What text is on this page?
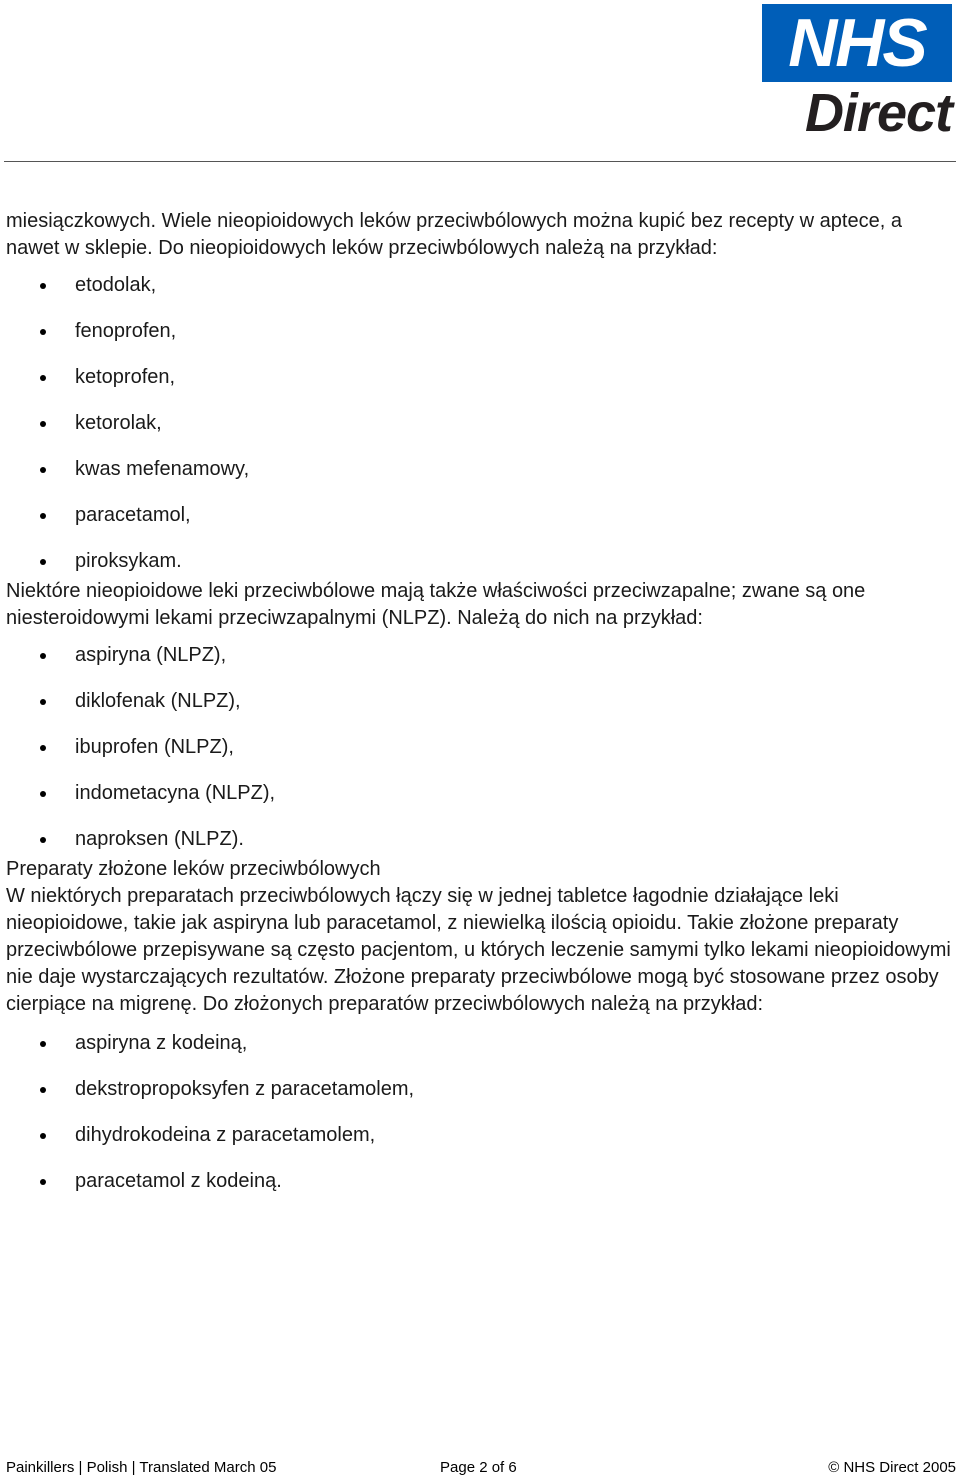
NHS
Direct

miesiączkowych. Wiele nieopioidowych leków przeciwbólowych można kupić bez recepty w aptece, a nawet w sklepie. Do nieopioidowych leków przeciwbólowych należą na przykład:

etodolak,
fenoprofen,
ketoprofen,
ketorolak,
kwas mefenamowy,
paracetamol,
piroksykam.

Niektóre nieopioidowe leki przeciwbólowe mają także właściwości przeciwzapalne; zwane są one niesteroidowymi lekami przeciwzapalnymi (NLPZ). Należą do nich na przykład:

aspiryna (NLPZ),
diklofenak (NLPZ),
ibuprofen (NLPZ),
indometacyna (NLPZ),
naproksen (NLPZ).

Preparaty złożone leków przeciwbólowych

W niektórych preparatach przeciwbólowych łączy się w jednej tabletce łagodnie działające leki nieopioidowe, takie jak aspiryna lub paracetamol, z niewielką ilością opioidu. Takie złożone preparaty przeciwbólowe przepisywane są często pacjentom, u których leczenie samymi tylko lekami nieopioidowymi nie daje wystarczających rezultatów. Złożone preparaty przeciwbólowe mogą być stosowane przez osoby cierpiące na migrenę. Do złożonych preparatów przeciwbólowych należą na przykład:

aspiryna z kodeiną,
dekstropropoksyfen z paracetamolem,
dihydrokodeina z paracetamolem,
paracetamol z kodeiną.
Painkillers | Polish | Translated March 05	Page 2 of 6	© NHS Direct 2005
